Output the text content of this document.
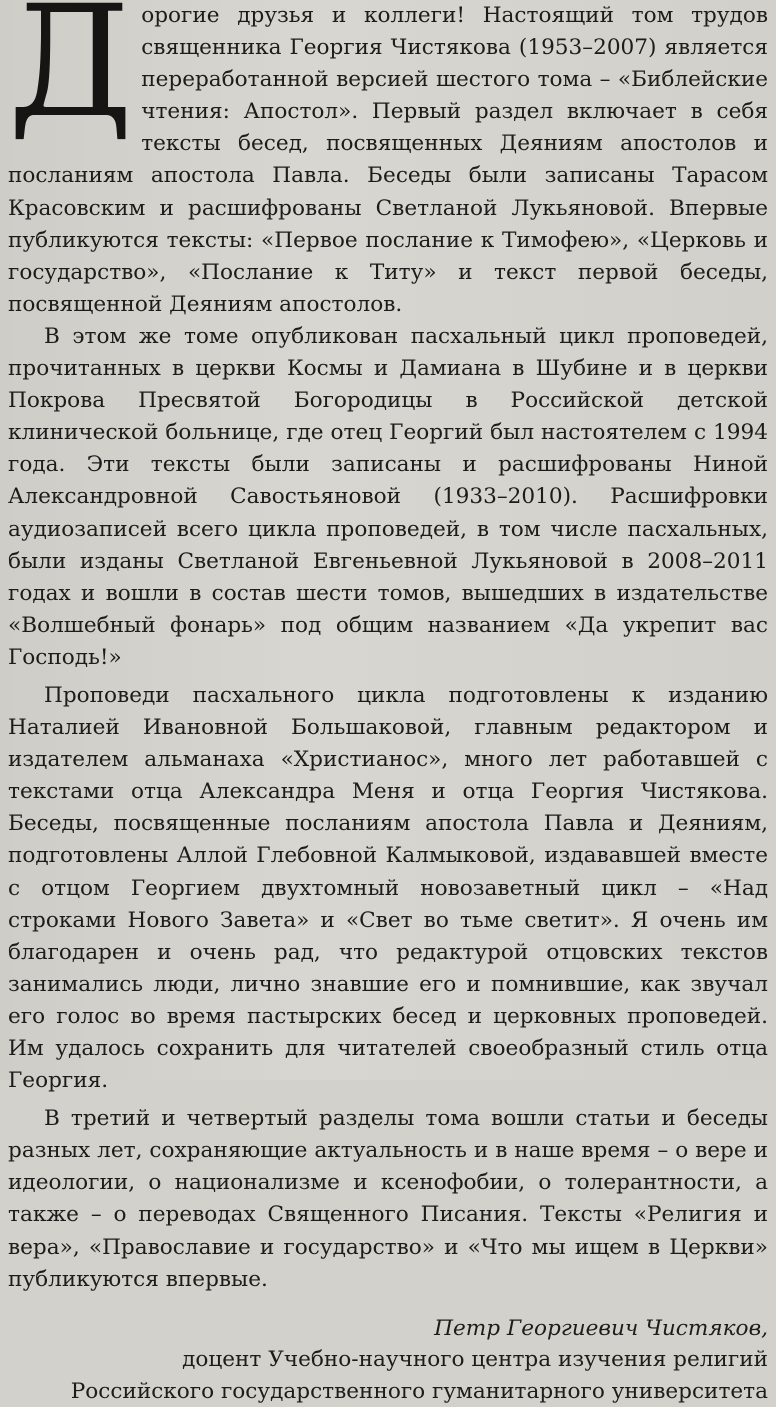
Д орогие друзья и коллеги! Настоящий том трудов священника Георгия Чистякова (1953–2007) является переработанной версией шестого тома – «Библейские чтения: Апостол». Первый раздел включает в себя тексты бесед, посвященных Деяниям апостолов и посланиям апостола Павла. Беседы были записаны Тарасом Красовским и расшифрованы Светланой Лукьяновой. Впервые публикуются тексты: «Первое послание к Тимофею», «Церковь и государство», «Послание к Титу» и текст первой беседы, посвященной Деяниям апостолов.

В этом же томе опубликован пасхальный цикл проповедей, прочитанных в церкви Космы и Дамиана в Шубине и в церкви Покрова Пресвятой Богородицы в Российской детской клинической больнице, где отец Георгий был настоятелем с 1994 года. Эти тексты были записаны и расшифрованы Ниной Александровной Савостьяновой (1933–2010). Расшифровки аудиозаписей всего цикла проповедей, в том числе пасхальных, были изданы Светланой Евгеньевной Лукьяновой в 2008–2011 годах и вошли в состав шести томов, вышедших в издательстве «Волшебный фонарь» под общим названием «Да укрепит вас Господь!»

Проповеди пасхального цикла подготовлены к изданию Наталией Ивановной Большаковой, главным редактором и издателем альманаха «Христианос», много лет работавшей с текстами отца Александра Меня и отца Георгия Чистякова. Беседы, посвященные посланиям апостола Павла и Деяниям, подготовлены Аллой Глебовной Калмыковой, издававшей вместе с отцом Георгием двухтомный новозаветный цикл – «Над строками Нового Завета» и «Свет во тьме светит». Я очень им благодарен и очень рад, что редактурой отцовских текстов занимались люди, лично знавшие его и помнившие, как звучал его голос во время пастырских бесед и церковных проповедей. Им удалось сохранить для читателей своеобразный стиль отца Георгия.

В третий и четвертый разделы тома вошли статьи и беседы разных лет, сохраняющие актуальность и в наше время – о вере и идеологии, о национализме и ксенофобии, о толерантности, а также – о переводах Священного Писания. Тексты «Религия и вера», «Православие и государство» и «Что мы ищем в Церкви» публикуются впервые.

Петр Георгиевич Чистяков,
доцент Учебно-научного центра изучения религий
Российского государственного гуманитарного университета
